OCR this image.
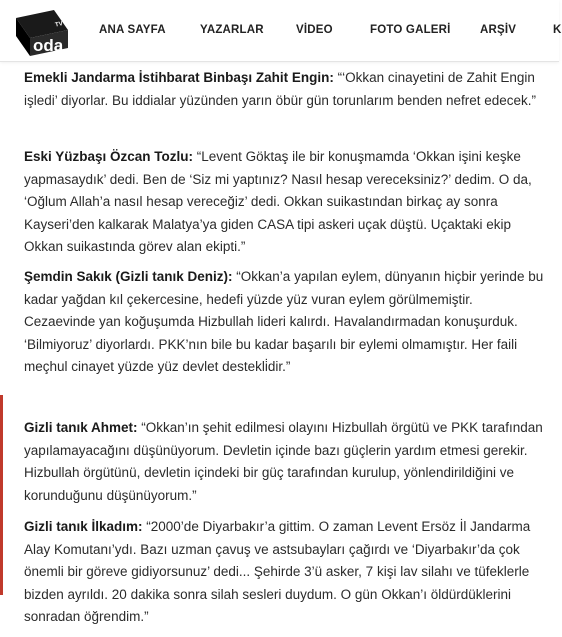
oda
TV	ANA SAYFA	YAZARLAR	VİDEO	FOTO GALERİ	ARŞİV	K

Emekli Jandarma İstihbarat Binbaşı Zahit Engin: “‘Okkan cinayetini de Zahit Engin işledi’ diyorlar. Bu iddialar yüzünden yarın öbür gün torunlarım benden nefret edecek.”

Eski Yüzbaşı Özcan Tozlu: “Levent Göktaş ile bir konuşmamda ‘Okkan işini keşke yapmasaydık’ dedi. Ben de ‘Siz mi yaptınız? Nasıl hesap vereceksiniz?’ dedim. O da, ‘Oğlum Allah’a nasıl hesap vereceğiz’ dedi. Okkan suikastından birkaç ay sonra Kayseri’den kalkarak Malatya’ya giden CASA tipi askeri uçak düştü. Uçaktaki ekip Okkan suikastında görev alan ekipti.”

Şemdin Sakık (Gizli tanık Deniz): “Okkan’a yapılan eylem, dünyanın hiçbir yerinde bu kadar yağdan kıl çekercesine, hedefi yüzde yüz vuran eylem görülmemiştir. Cezaevinde yan koğuşumda Hizbullah lideri kalırdı. Havalandırmadan konuşurduk. ‘Bilmiyoruz’ diyorlardı. PKK’nın bile bu kadar başarılı bir eylemi olmamıştır. Her faili meçhul cinayet yüzde yüz devlet destekli̇dir.”

Gizli tanık Ahmet: “Okkan’ın şehit edilmesi olayını Hizbullah örgütü ve PKK tarafından yapılamayacağını düşünüyorum. Devletin içinde bazı güçlerin yardım etmesi gerekir. Hizbullah örgütünü, devletin içindeki bir güç tarafından kurulup, yönlendirildiğini ve korunduğunu düşünüyorum.”

Gizli tanık İlkadım: “2000’de Diyarbakır’a gittim. O zaman Levent Ersöz İl Jandarma Alay Komutanı’ydı. Bazı uzman çavuş ve astsubayları çağırdı ve ‘Diyarbakır’da çok önemli bir göreve gidiyorsunuz’ dedi... Şehirde 3’ü asker, 7 kişi lav silahı ve tüfeklerle bizden ayrıldı. 20 dakika sonra silah sesleri duydum. O gün Okkan’ı öldürdüklerini sonradan öğrendim.”
